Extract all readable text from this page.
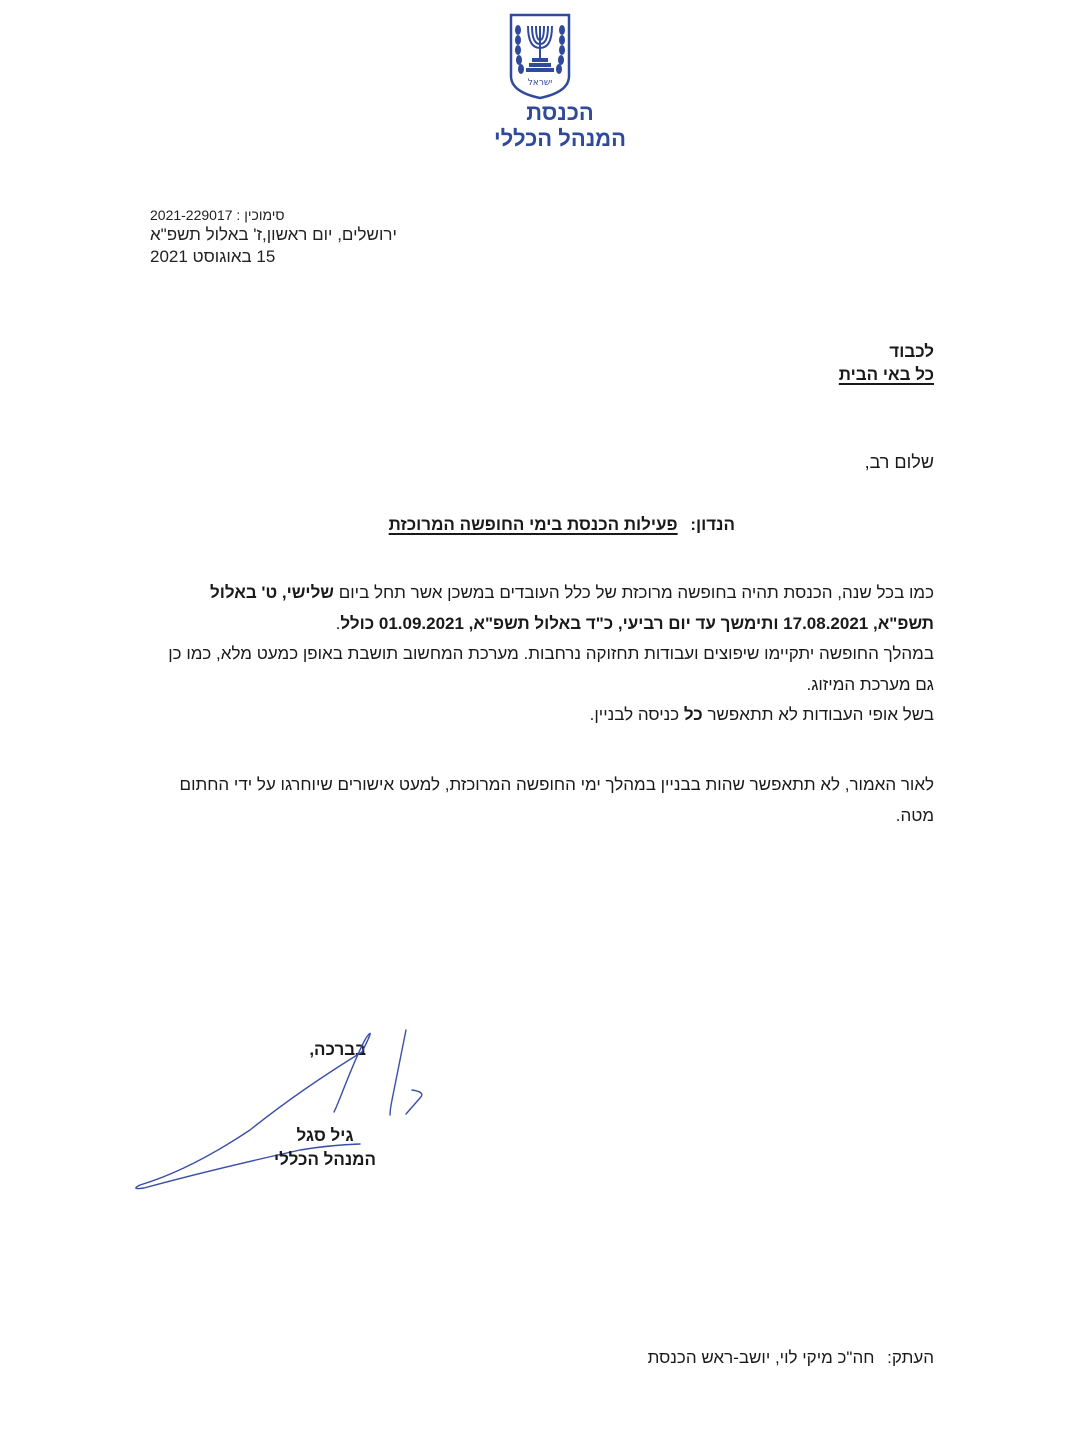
ישראל
הכנסת
המנהל הכללי
סימוכין : 2021-229017
ירושלים, יום ראשון,ז' באלול תשפ"א
15 באוגוסט 2021
לכבוד
כל באי הבית
שלום רב,
הנדון: פעילות הכנסת בימי החופשה המרוכזת
כמו בכל שנה, הכנסת תהיה בחופשה מרוכזת של כלל העובדים במשכן אשר תחל ביום שלישי, ט' באלול תשפ"א, 17.08.2021 ותימשך עד יום רביעי, כ"ד באלול תשפ"א, 01.09.2021 כולל.
במהלך החופשה יתקיימו שיפוצים ועבודות תחזוקה נרחבות. מערכת המחשוב תושבת באופן כמעט מלא, כמו כן גם מערכת המיזוג.
בשל אופי העבודות לא תתאפשר כל כניסה לבניין.
לאור האמור, לא תתאפשר שהות בבניין במהלך ימי החופשה המרוכזת, למעט אישורים שיוחרגו על ידי החתום מטה.
בברכה,
גיל סגל
המנהל הכללי
העתק: חה"כ מיקי לוי, יושב-ראש הכנסת
